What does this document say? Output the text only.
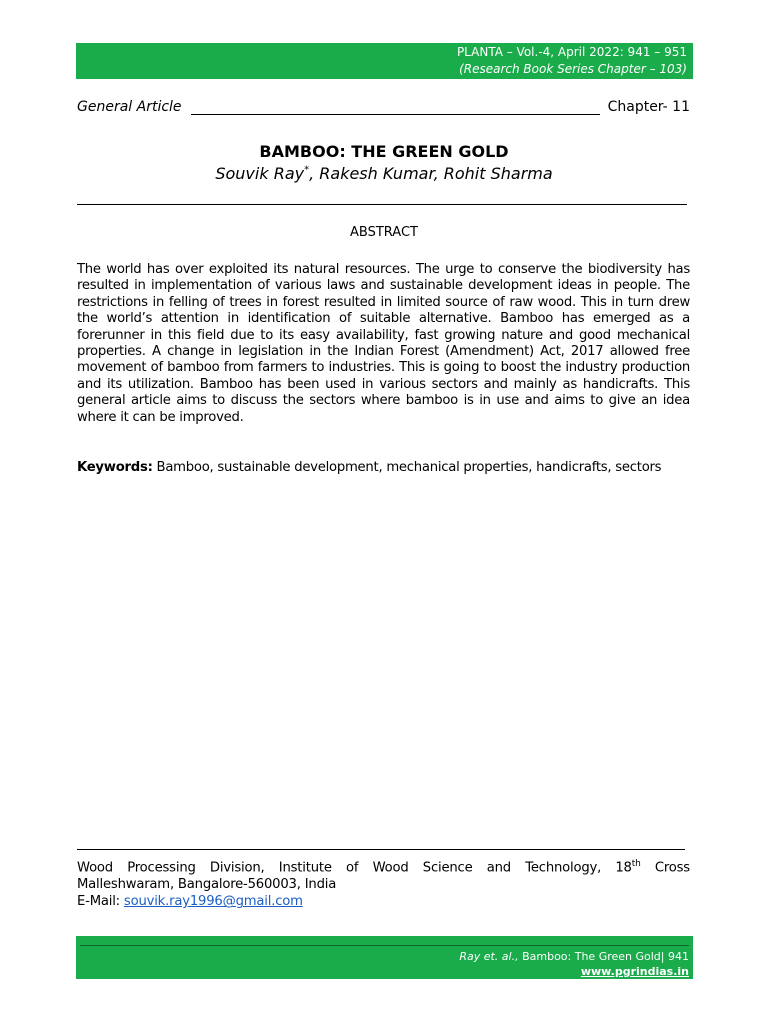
PLANTA – Vol.-4, April 2022: 941 – 951
(Research Book Series Chapter – 103)
General Article	Chapter- 11
BAMBOO: THE GREEN GOLD
Souvik Ray*, Rakesh Kumar, Rohit Sharma
ABSTRACT
The world has over exploited its natural resources. The urge to conserve the biodiversity has resulted in implementation of various laws and sustainable development ideas in people. The restrictions in felling of trees in forest resulted in limited source of raw wood. This in turn drew the world’s attention in identification of suitable alternative. Bamboo has emerged as a forerunner in this field due to its easy availability, fast growing nature and good mechanical properties. A change in legislation in the Indian Forest (Amendment) Act, 2017 allowed free movement of bamboo from farmers to industries. This is going to boost the industry production and its utilization. Bamboo has been used in various sectors and mainly as handicrafts. This general article aims to discuss the sectors where bamboo is in use and aims to give an idea where it can be improved.
Keywords: Bamboo, sustainable development, mechanical properties, handicrafts, sectors
Wood Processing Division, Institute of Wood Science and Technology, 18th Cross
Malleshwaram, Bangalore-560003, India
E-Mail: souvik.ray1996@gmail.com
Ray et. al., Bamboo: The Green Gold| 941
www.pgrindias.in
